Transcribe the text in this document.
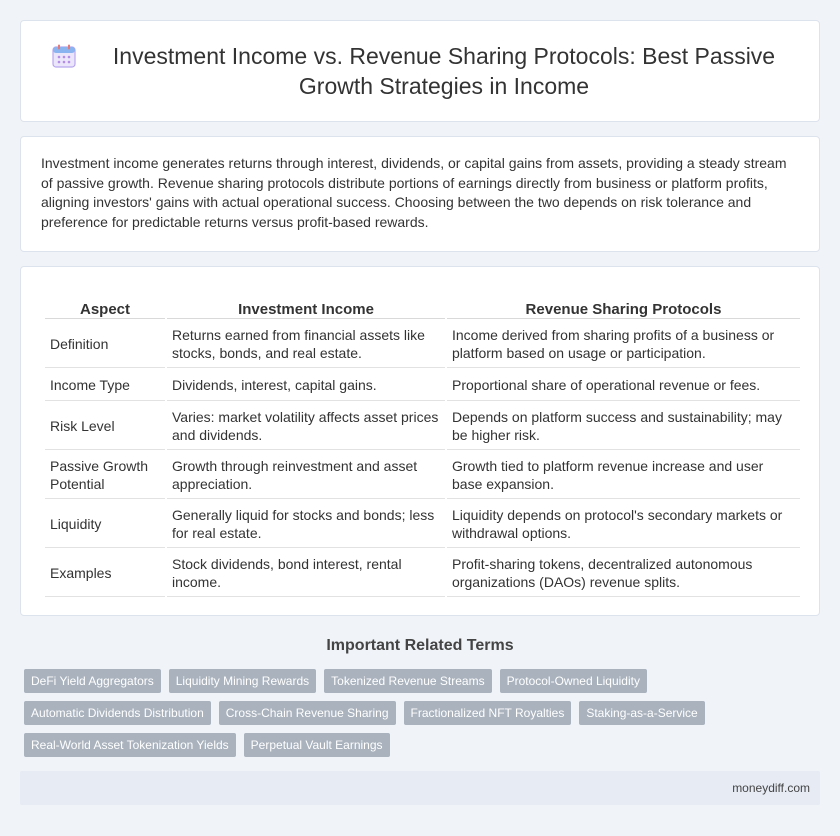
Investment Income vs. Revenue Sharing Protocols: Best Passive Growth Strategies in Income

Investment income generates returns through interest, dividends, or capital gains from assets, providing a steady stream of passive growth. Revenue sharing protocols distribute portions of earnings directly from business or platform profits, aligning investors' gains with actual operational success. Choosing between the two depends on risk tolerance and preference for predictable returns versus profit-based rewards.

Aspect	Investment Income	Revenue Sharing Protocols
Definition	Returns earned from financial assets like stocks, bonds, and real estate.	Income derived from sharing profits of a business or platform based on usage or participation.
Income Type	Dividends, interest, capital gains.	Proportional share of operational revenue or fees.
Risk Level	Varies: market volatility affects asset prices and dividends.	Depends on platform success and sustainability; may be higher risk.
Passive Growth Potential	Growth through reinvestment and asset appreciation.	Growth tied to platform revenue increase and user base expansion.
Liquidity	Generally liquid for stocks and bonds; less for real estate.	Liquidity depends on protocol's secondary markets or withdrawal options.
Examples	Stock dividends, bond interest, rental income.	Profit-sharing tokens, decentralized autonomous organizations (DAOs) revenue splits.
Important Related Terms
DeFi Yield Aggregators	Liquidity Mining Rewards	Tokenized Revenue Streams	Protocol-Owned Liquidity
Automatic Dividends Distribution	Cross-Chain Revenue Sharing	Fractionalized NFT Royalties	Staking-as-a-Service
Real-World Asset Tokenization Yields	Perpetual Vault Earnings
moneydiff.com
